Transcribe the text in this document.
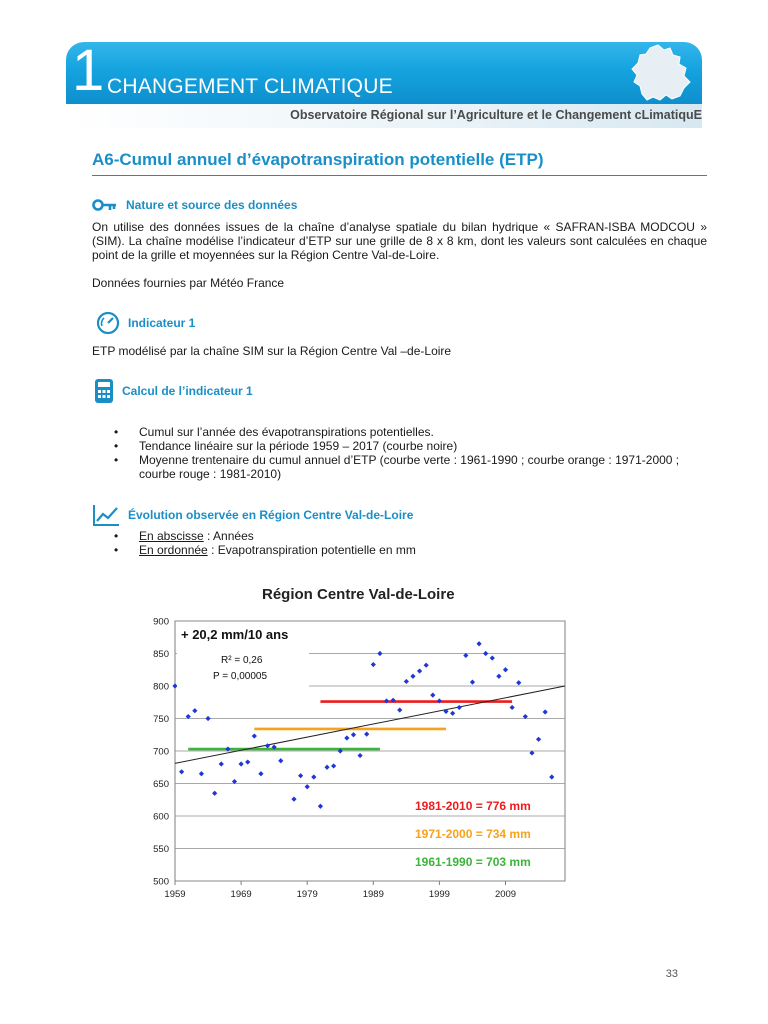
1 CHANGEMENT CLIMATIQUE
Observatoire Régional sur l’Agriculture et le Changement cLimatiquE
A6-Cumul annuel d’évapotranspiration potentielle (ETP)
Nature et source des données
On utilise des données issues de la chaîne d’analyse spatiale du bilan hydrique « SAFRAN-ISBA MODCOU » (SIM). La chaîne modélise l’indicateur d’ETP sur une grille de 8 x 8 km, dont les valeurs sont calculées en chaque point de la grille et moyennées sur la Région Centre Val-de-Loire.
Données fournies par Météo France
Indicateur 1
ETP modélisé par la chaîne SIM sur la Région Centre Val –de-Loire
Calcul de l’indicateur 1
• Cumul sur l’année des évapotranspirations potentielles.
• Tendance linéaire sur la période 1959 – 2017 (courbe noire)
• Moyenne trentenaire du cumul annuel d’ETP (courbe verte : 1961-1990 ; courbe orange : 1971-2000 ; courbe rouge : 1981-2010)
Évolution observée en Région Centre Val-de-Loire
• En abscisse : Années
• En ordonnée : Evapotranspiration potentielle en mm
Région Centre Val-de-Loire
500
550
600
650
700
750
800
850
900
1959	1969	1979	1989	1999	2009
+ 20,2 mm/10 ans
R² = 0,26
P = 0,00005
1981-2010 = 776 mm
1971-2000 = 734 mm
1961-1990 = 703 mm
33
